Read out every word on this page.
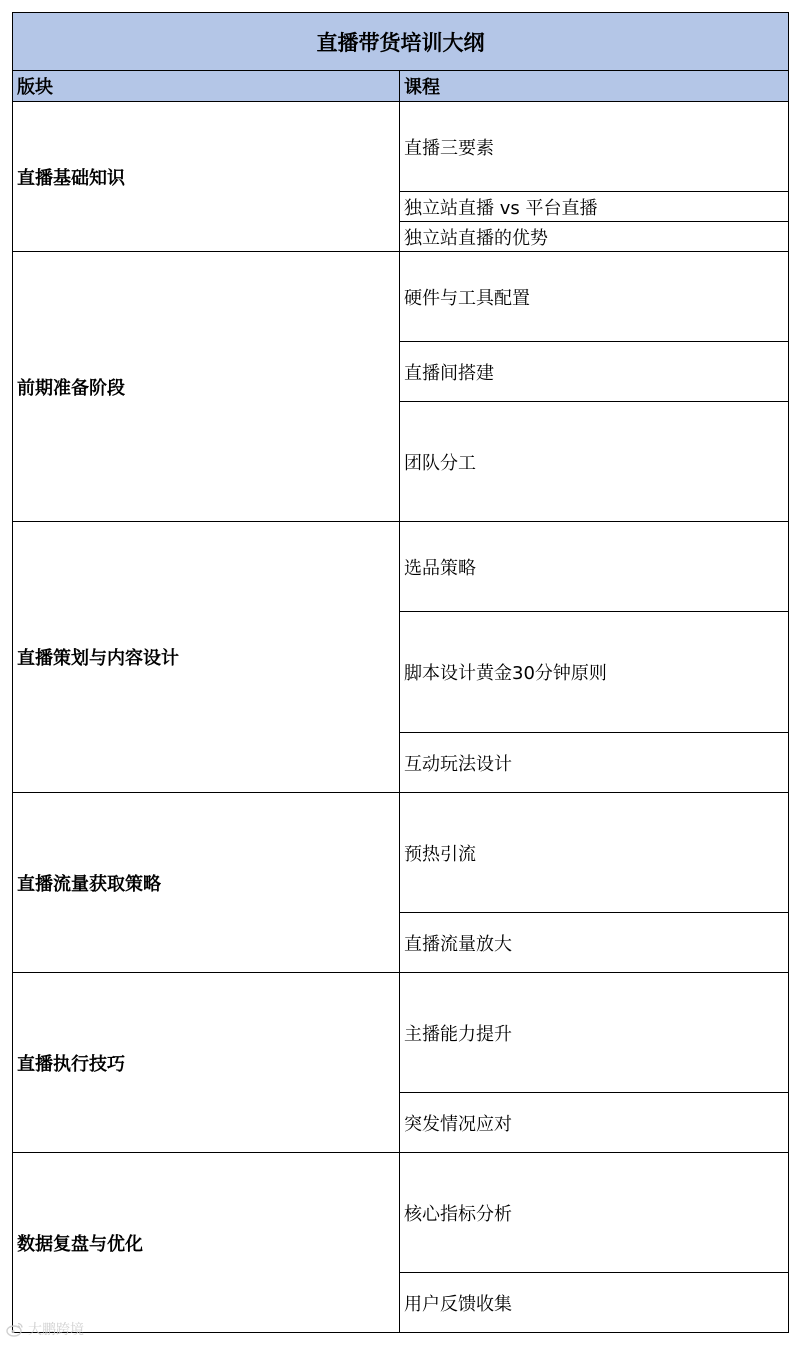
直播带货培训大纲
版块	课程
直播基础知识
直播三要素
独立站直播 vs 平台直播
独立站直播的优势
前期准备阶段
硬件与工具配置
直播间搭建
团队分工
直播策划与内容设计
选品策略
脚本设计黄金30分钟原则
互动玩法设计
直播流量获取策略
预热引流
直播流量放大
直播执行技巧
主播能力提升
突发情况应对
数据复盘与优化
核心指标分析
用户反馈收集
大鹏跨境
